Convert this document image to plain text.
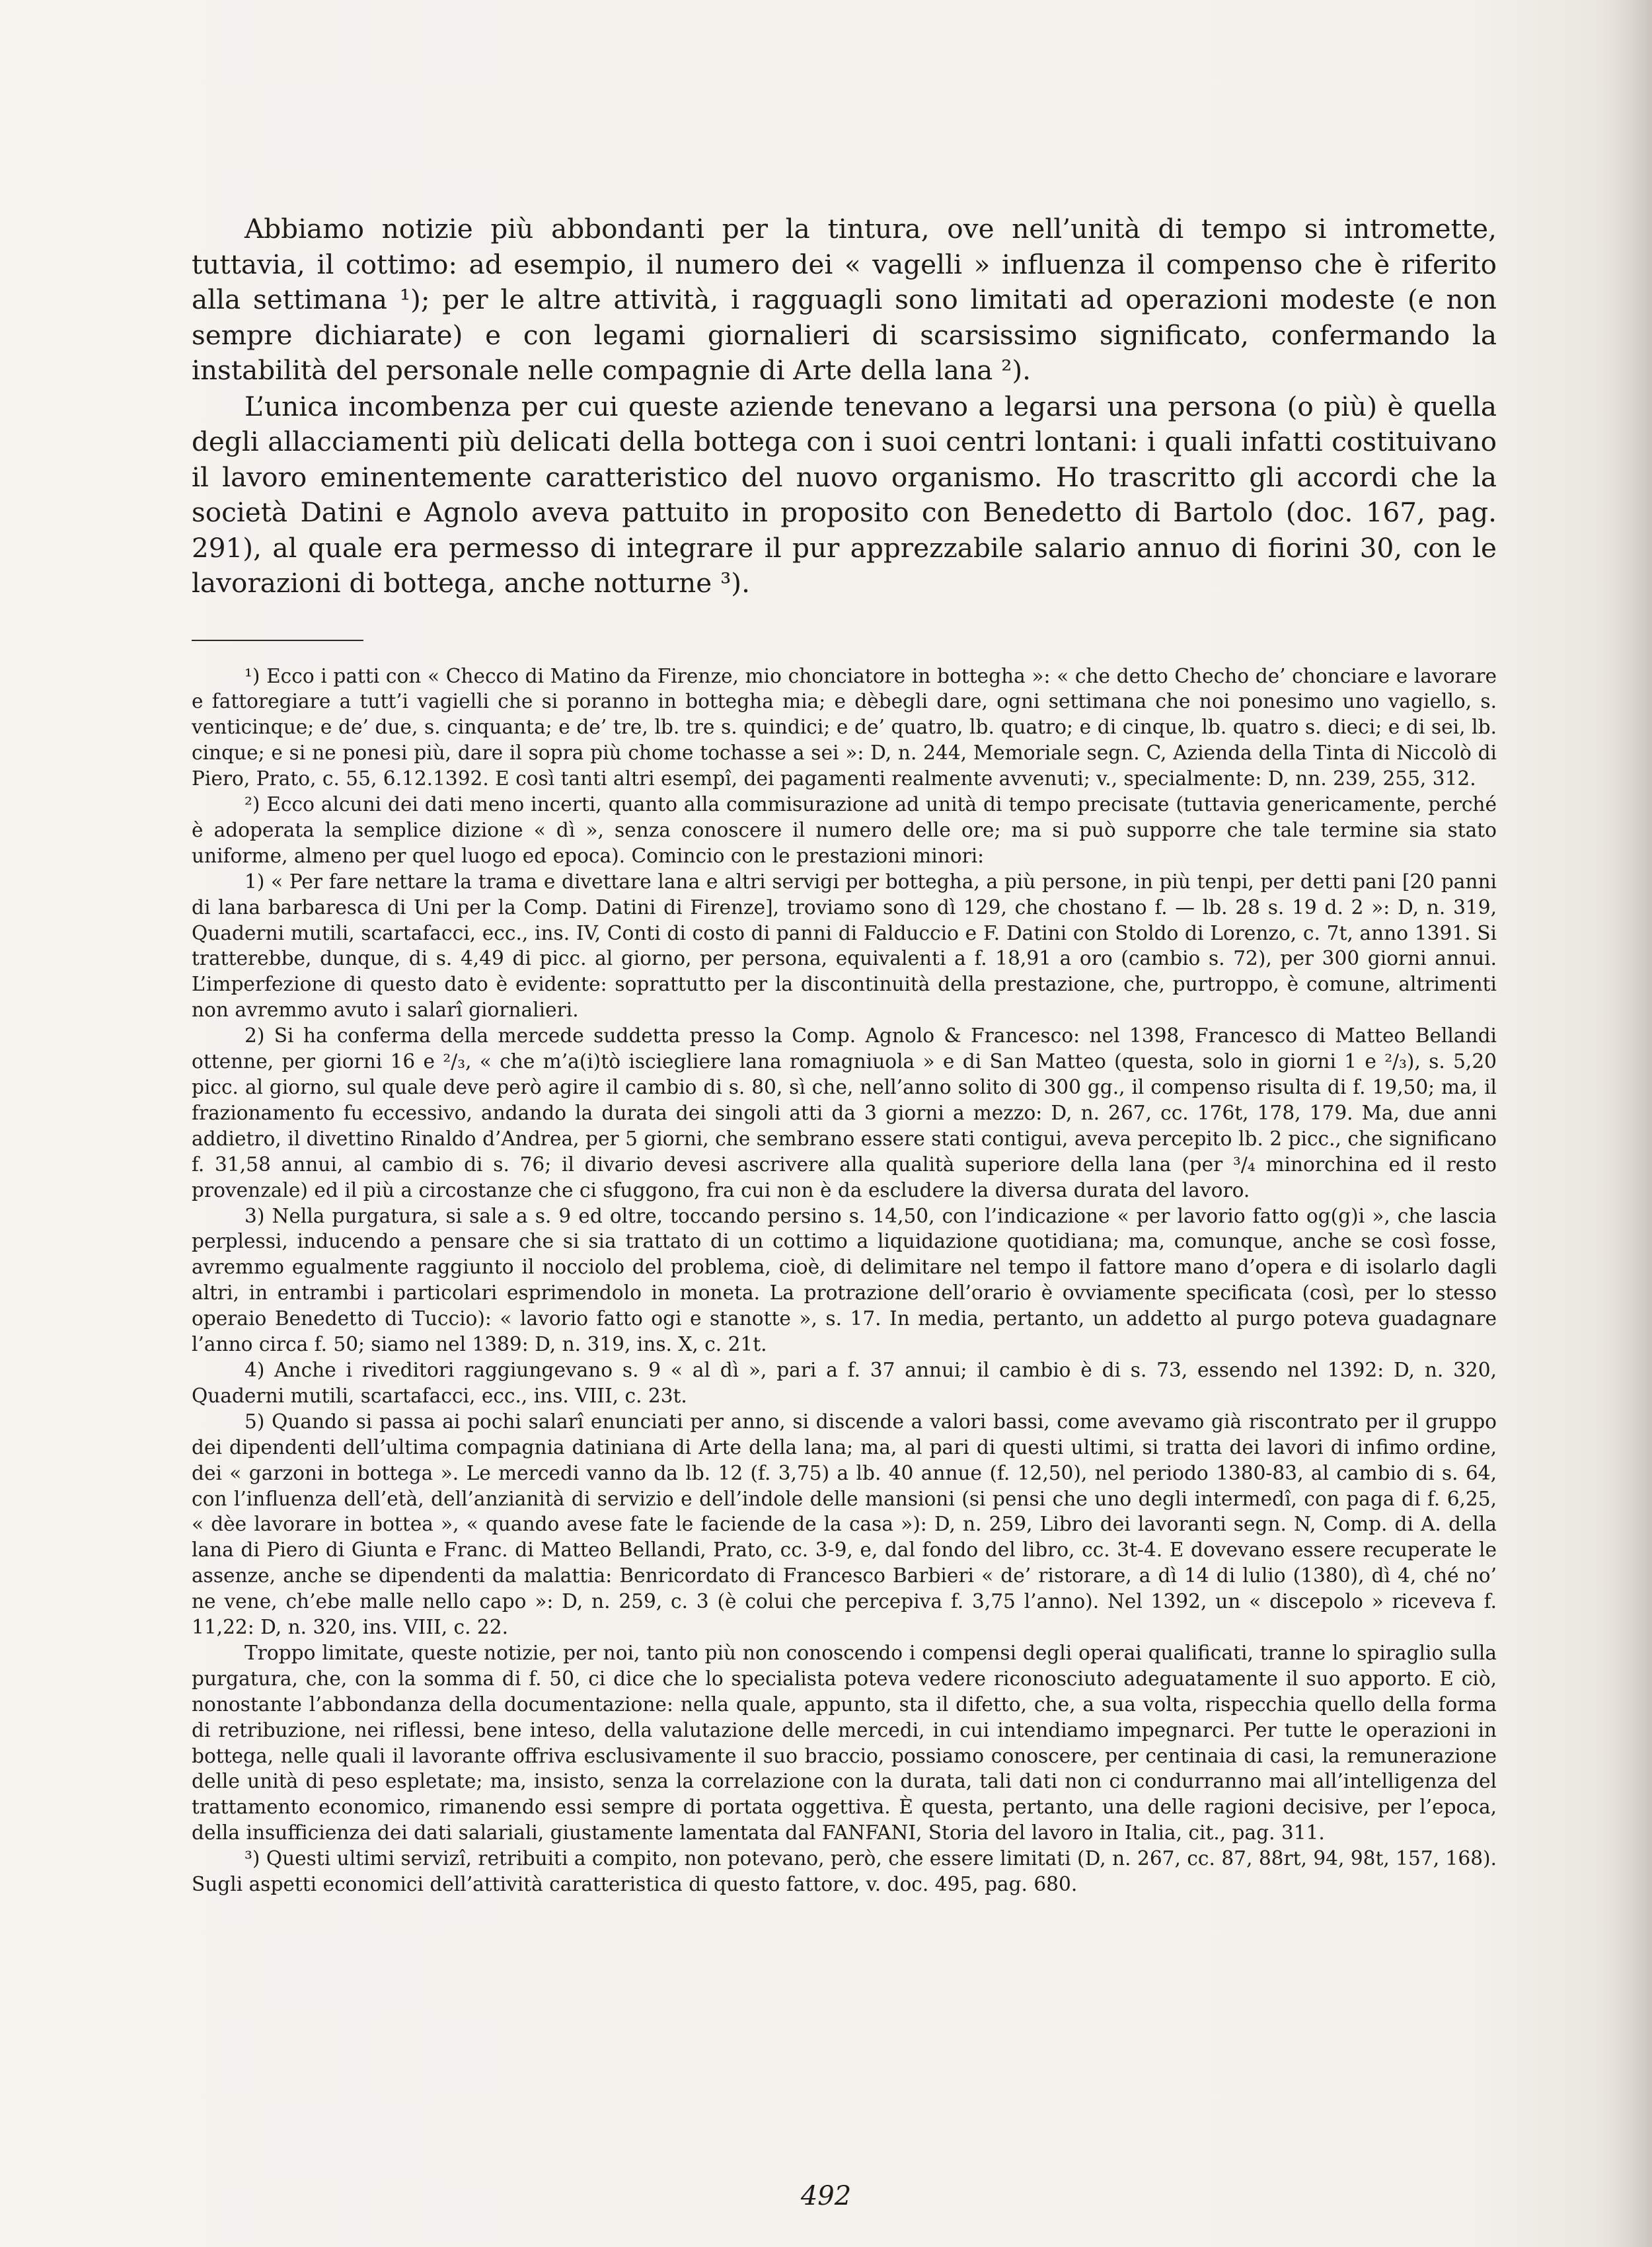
Abbiamo notizie più abbondanti per la tintura, ove nell’unità di tempo si intromette, tuttavia, il cottimo: ad esempio, il numero dei « vagelli » influenza il compenso che è riferito alla settimana ¹); per le altre attività, i ragguagli sono limitati ad operazioni modeste (e non sempre dichiarate) e con legami giornalieri di scarsissimo significato, confermando la instabilità del personale nelle compagnie di Arte della lana ²).

L’unica incombenza per cui queste aziende tenevano a legarsi una persona (o più) è quella degli allacciamenti più delicati della bottega con i suoi centri lontani: i quali infatti costituivano il lavoro eminentemente caratteristico del nuovo organismo. Ho trascritto gli accordi che la società Datini e Agnolo aveva pattuito in proposito con Benedetto di Bartolo (doc. 167, pag. 291), al quale era permesso di integrare il pur apprezzabile salario annuo di fiorini 30, con le lavorazioni di bottega, anche notturne ³).

¹) Ecco i patti con « Checco di Matino da Firenze, mio chonciatore in bottegha »: « che detto Checho de’ chonciare e lavorare e fattoregiare a tutt’i vagielli che si poranno in bottegha mia; e dèbegli dare, ogni settimana che noi ponesimo uno vagiello, s. venticinque; e de’ due, s. cinquanta; e de’ tre, lb. tre s. quindici; e de’ quatro, lb. quatro; e di cinque, lb. quatro s. dieci; e di sei, lb. cinque; e si ne ponesi più, dare il sopra più chome tochasse a sei »: D, n. 244, Memoriale segn. C, Azienda della Tinta di Niccolò di Piero, Prato, c. 55, 6.12.1392. E così tanti altri esempî, dei pagamenti realmente avvenuti; v., specialmente: D, nn. 239, 255, 312.

²) Ecco alcuni dei dati meno incerti, quanto alla commisurazione ad unità di tempo precisate (tuttavia genericamente, perché è adoperata la semplice dizione « dì », senza conoscere il numero delle ore; ma si può supporre che tale termine sia stato uniforme, almeno per quel luogo ed epoca). Comincio con le prestazioni minori:

1) « Per fare nettare la trama e divettare lana e altri servigi per bottegha, a più persone, in più tenpi, per detti pani [20 panni di lana barbaresca di Uni per la Comp. Datini di Firenze], troviamo sono dì 129, che chostano f. — lb. 28 s. 19 d. 2 »: D, n. 319, Quaderni mutili, scartafacci, ecc., ins. IV, Conti di costo di panni di Falduccio e F. Datini con Stoldo di Lorenzo, c. 7t, anno 1391. Si tratterebbe, dunque, di s. 4,49 di picc. al giorno, per persona, equivalenti a f. 18,91 a oro (cambio s. 72), per 300 giorni annui. L’imperfezione di questo dato è evidente: soprattutto per la discontinuità della prestazione, che, purtroppo, è comune, altrimenti non avremmo avuto i salarî giornalieri.

2) Si ha conferma della mercede suddetta presso la Comp. Agnolo & Francesco: nel 1398, Francesco di Matteo Bellandi ottenne, per giorni 16 e ²/₃, « che m’a(i)tò isciegliere lana romagniuola » e di San Matteo (questa, solo in giorni 1 e ²/₃), s. 5,20 picc. al giorno, sul quale deve però agire il cambio di s. 80, sì che, nell’anno solito di 300 gg., il compenso risulta di f. 19,50; ma, il frazionamento fu eccessivo, andando la durata dei singoli atti da 3 giorni a mezzo: D, n. 267, cc. 176t, 178, 179. Ma, due anni addietro, il divettino Rinaldo d’Andrea, per 5 giorni, che sembrano essere stati contigui, aveva percepito lb. 2 picc., che significano f. 31,58 annui, al cambio di s. 76; il divario devesi ascrivere alla qualità superiore della lana (per ³/₄ minorchina ed il resto provenzale) ed il più a circostanze che ci sfuggono, fra cui non è da escludere la diversa durata del lavoro.

3) Nella purgatura, si sale a s. 9 ed oltre, toccando persino s. 14,50, con l’indicazione « per lavorio fatto og(g)i », che lascia perplessi, inducendo a pensare che si sia trattato di un cottimo a liquidazione quotidiana; ma, comunque, anche se così fosse, avremmo egualmente raggiunto il nocciolo del problema, cioè, di delimitare nel tempo il fattore mano d’opera e di isolarlo dagli altri, in entrambi i particolari esprimendolo in moneta. La protrazione dell’orario è ovviamente specificata (così, per lo stesso operaio Benedetto di Tuccio): « lavorio fatto ogi e stanotte », s. 17. In media, pertanto, un addetto al purgo poteva guadagnare l’anno circa f. 50; siamo nel 1389: D, n. 319, ins. X, c. 21t.

4) Anche i riveditori raggiungevano s. 9 « al dì », pari a f. 37 annui; il cambio è di s. 73, essendo nel 1392: D, n. 320, Quaderni mutili, scartafacci, ecc., ins. VIII, c. 23t.

5) Quando si passa ai pochi salarî enunciati per anno, si discende a valori bassi, come avevamo già riscontrato per il gruppo dei dipendenti dell’ultima compagnia datiniana di Arte della lana; ma, al pari di questi ultimi, si tratta dei lavori di infimo ordine, dei « garzoni in bottega ». Le mercedi vanno da lb. 12 (f. 3,75) a lb. 40 annue (f. 12,50), nel periodo 1380-83, al cambio di s. 64, con l’influenza dell’età, dell’anzianità di servizio e dell’indole delle mansioni (si pensi che uno degli intermedî, con paga di f. 6,25, « dèe lavorare in bottea », « quando avese fate le faciende de la casa »): D, n. 259, Libro dei lavoranti segn. N, Comp. di A. della lana di Piero di Giunta e Franc. di Matteo Bellandi, Prato, cc. 3-9, e, dal fondo del libro, cc. 3t-4. E dovevano essere recuperate le assenze, anche se dipendenti da malattia: Benricordato di Francesco Barbieri « de’ ristorare, a dì 14 di lulio (1380), dì 4, ché no’ ne vene, ch’ebe malle nello capo »: D, n. 259, c. 3 (è colui che percepiva f. 3,75 l’anno). Nel 1392, un « discepolo » riceveva f. 11,22: D, n. 320, ins. VIII, c. 22.

Troppo limitate, queste notizie, per noi, tanto più non conoscendo i compensi degli operai qualificati, tranne lo spiraglio sulla purgatura, che, con la somma di f. 50, ci dice che lo specialista poteva vedere riconosciuto adeguatamente il suo apporto. E ciò, nonostante l’abbondanza della documentazione: nella quale, appunto, sta il difetto, che, a sua volta, rispecchia quello della forma di retribuzione, nei riflessi, bene inteso, della valutazione delle mercedi, in cui intendiamo impegnarci. Per tutte le operazioni in bottega, nelle quali il lavorante offriva esclusivamente il suo braccio, possiamo conoscere, per centinaia di casi, la remunerazione delle unità di peso espletate; ma, insisto, senza la correlazione con la durata, tali dati non ci condurranno mai all’intelligenza del trattamento economico, rimanendo essi sempre di portata oggettiva. È questa, pertanto, una delle ragioni decisive, per l’epoca, della insufficienza dei dati salariali, giustamente lamentata dal FANFANI, Storia del lavoro in Italia, cit., pag. 311.

³) Questi ultimi servizî, retribuiti a compito, non potevano, però, che essere limitati (D, n. 267, cc. 87, 88rt, 94, 98t, 157, 168). Sugli aspetti economici dell’attività caratteristica di questo fattore, v. doc. 495, pag. 680.

492
